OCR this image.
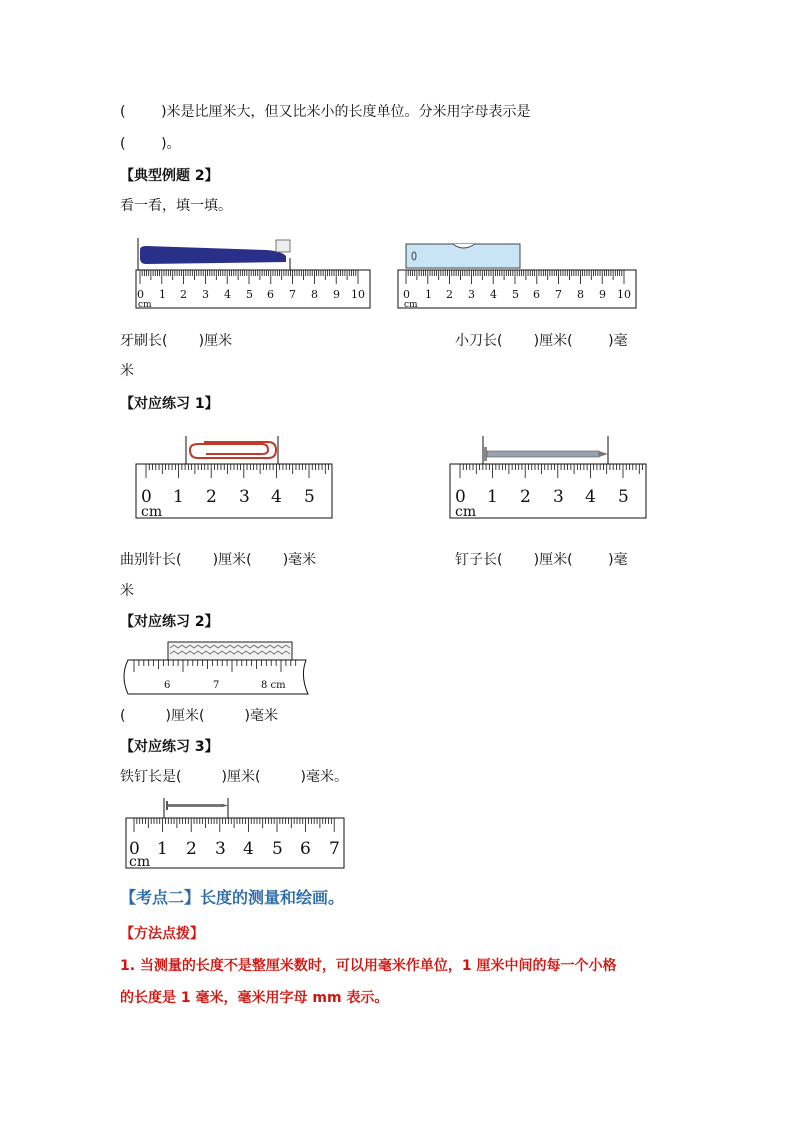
(        )米是比厘米大，但又比米小的长度单位。分米用字母表示是
(        )。
【典型例题 2】
看一看，填一填。
0 1 2 3 4 5 6 7 8 9 10
cm
0 1 2 3 4 5 6 7 8 9 10
cm
牙刷长(       )厘米	小刀长(       )厘米(        )毫
米
【对应练习 1】
0 1 2 3 4 5
cm
0 1 2 3 4 5
cm
曲别针长(       )厘米(       )毫米	钉子长(       )厘米(        )毫
米
【对应练习 2】
6	7	8 cm
(         )厘米(         )毫米
【对应练习 3】
铁钉长是(         )厘米(         )毫米。
0 1 2 3 4 5 6 7
cm
【考点二】长度的测量和绘画。
【方法点拨】
1. 当测量的长度不是整厘米数时，可以用毫米作单位，1 厘米中间的每一个小格
的长度是 1 毫米，毫米用字母 mm 表示。
